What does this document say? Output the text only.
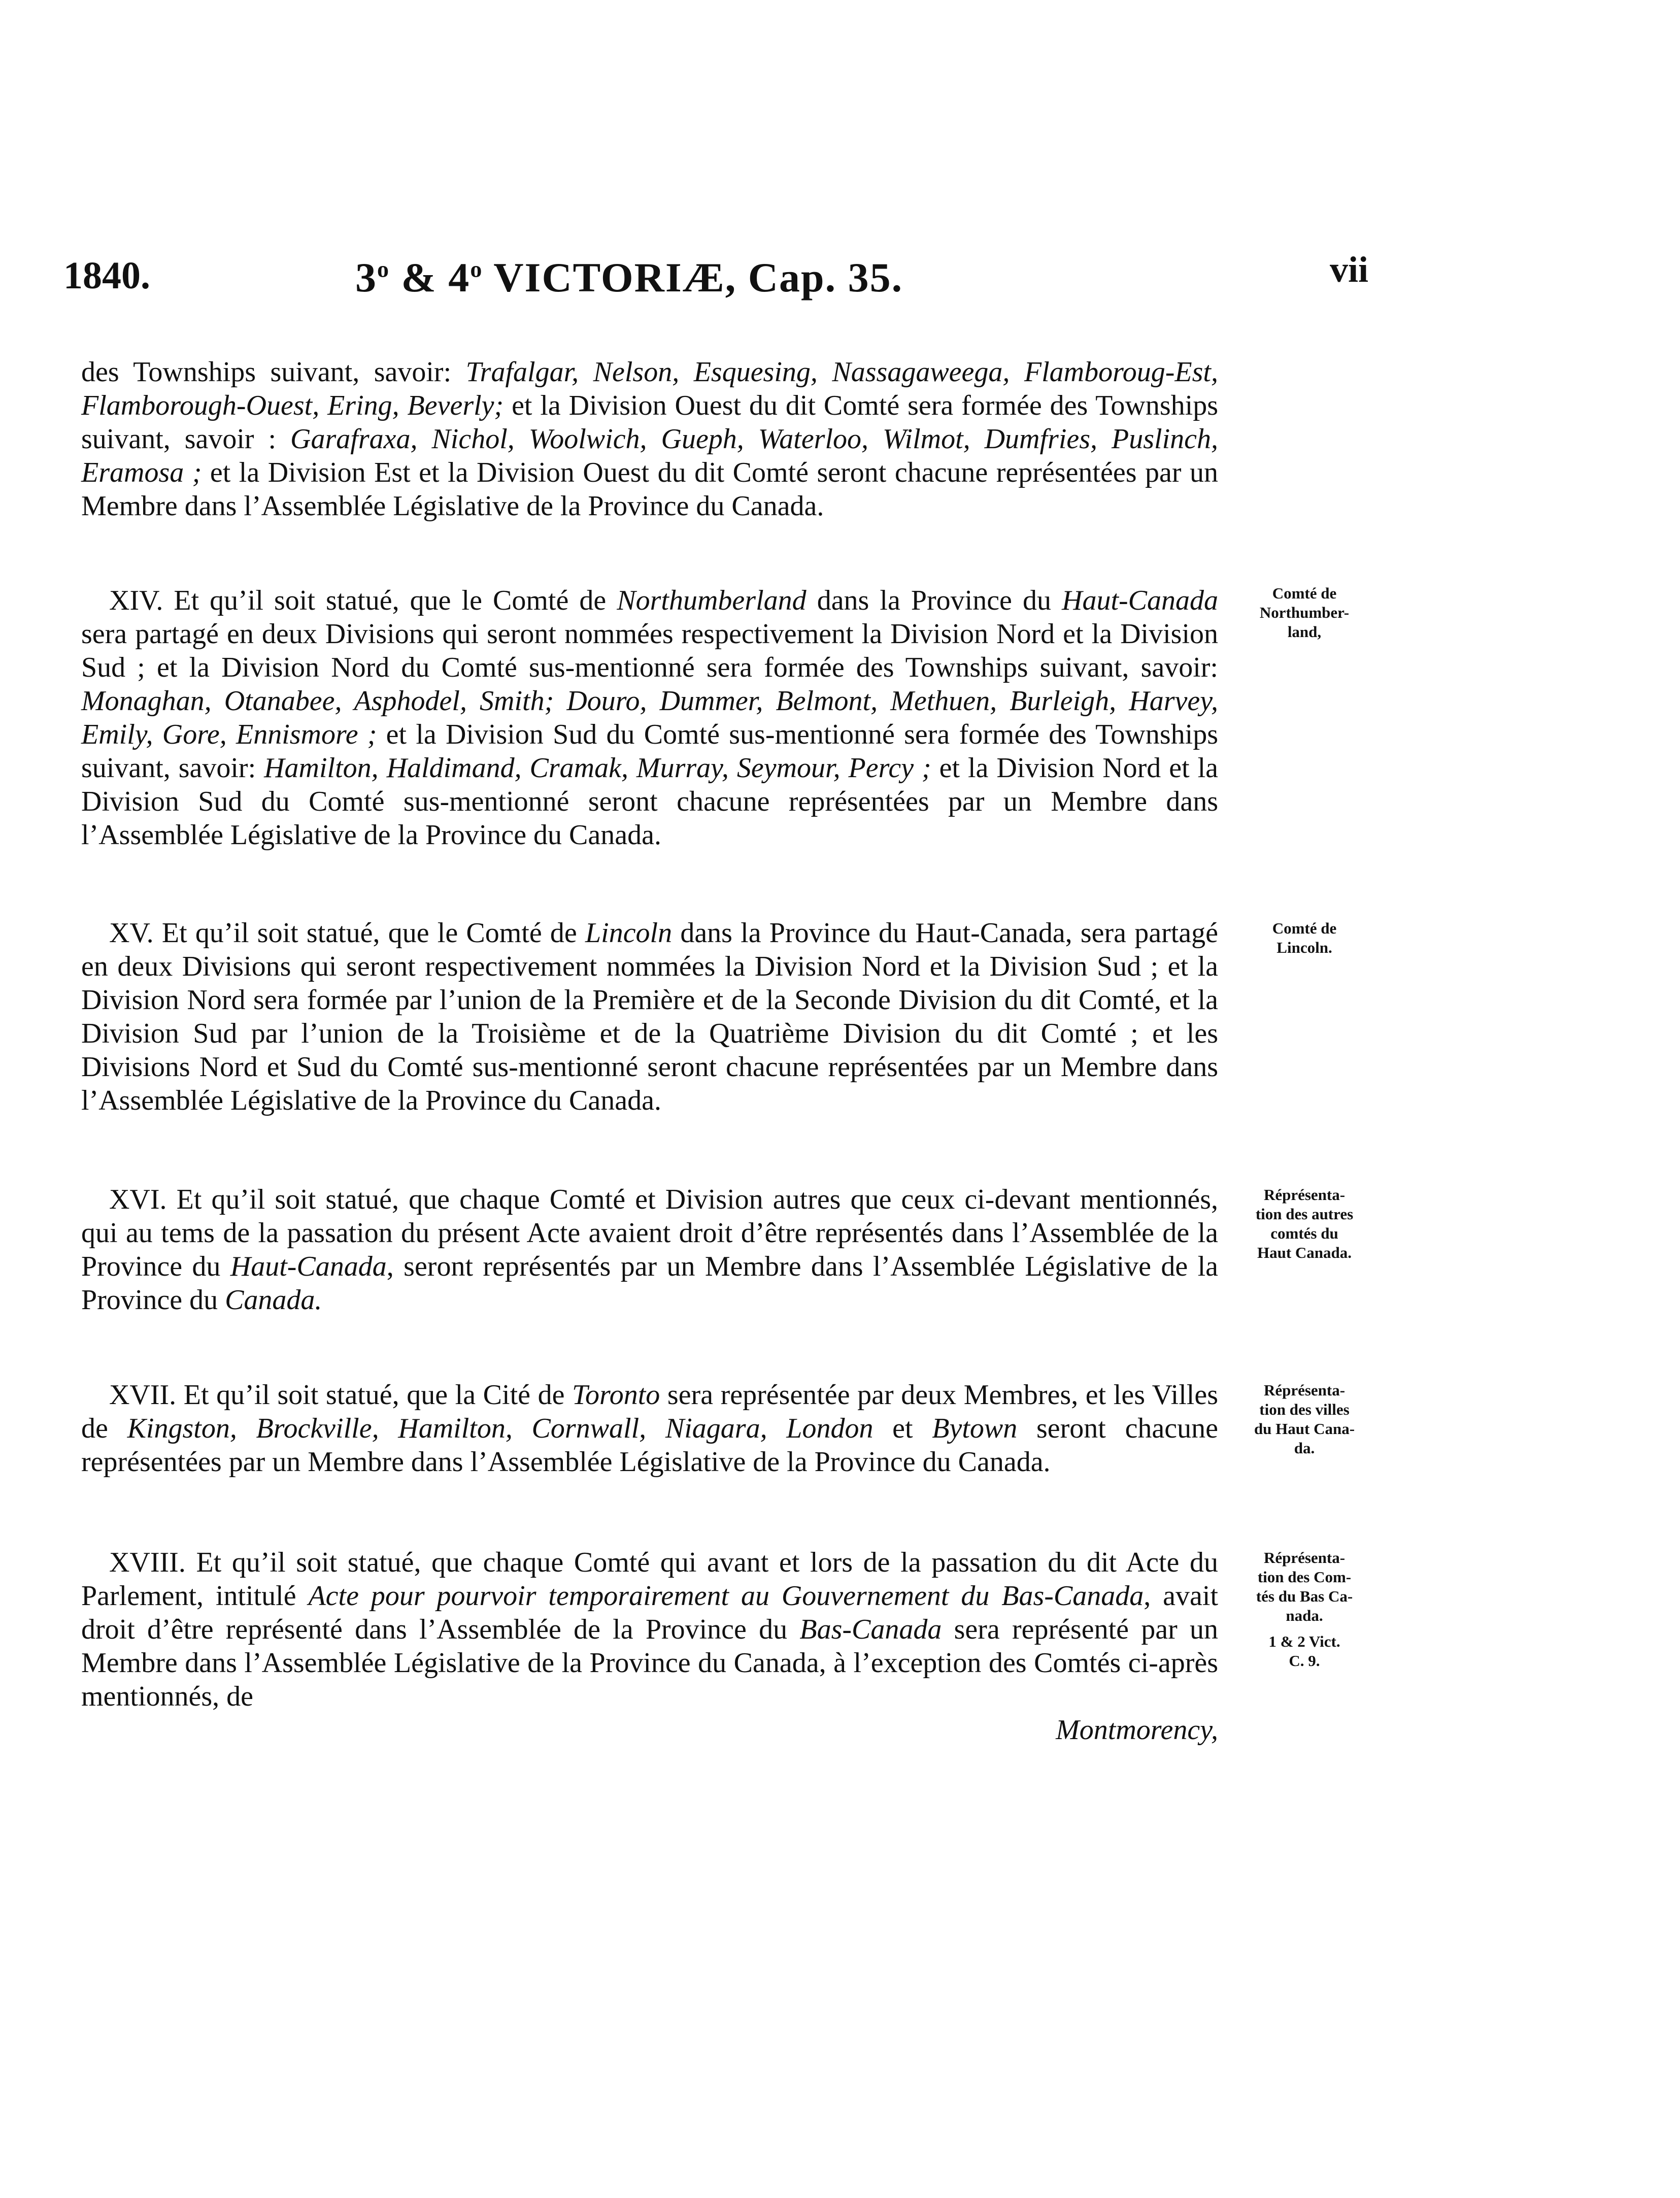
1840.	3$^o$ & 4$^o$ VICTORIÆ, Cap. 35.	vii

des Townships suivant, savoir: Trafalgar, Nelson, Esquesing, Nassagaweega, Flamboroug-Est, Flamborough-Ouest, Ering, Beverly; et la Division Ouest du dit Comté sera formée des Townships suivant, savoir : Garafraxa, Nichol, Woolwich, Gueph, Waterloo, Wilmot, Dumfries, Puslinch, Eramosa ; et la Division Est et la Division Ouest du dit Comté seront chacune représentées par un Membre dans l’Assemblée Législative de la Province du Canada.

XIV. Et qu’il soit statué, que le Comté de Northumberland dans la Province du Haut-Canada sera partagé en deux Divisions qui seront nommées respectivement la Division Nord et la Division Sud ; et la Division Nord du Comté sus-mentionné sera formée des Townships suivant, savoir: Monaghan, Otanabee, Asphodel, Smith; Douro, Dummer, Belmont, Methuen, Burleigh, Harvey, Emily, Gore, Ennismore ; et la Division Sud du Comté sus-mentionné sera formée des Townships suivant, savoir: Hamilton, Haldimand, Cramak, Murray, Seymour, Percy ; et la Division Nord et la Division Sud du Comté sus-mentionné seront chacune représentées par un Membre dans l’Assemblée Législative de la Province du Canada.

XV. Et qu’il soit statué, que le Comté de Lincoln dans la Province du Haut-Canada, sera partagé en deux Divisions qui seront respectivement nommées la Division Nord et la Division Sud ; et la Division Nord sera formée par l’union de la Première et de la Seconde Division du dit Comté, et la Division Sud par l’union de la Troisième et de la Quatrième Division du dit Comté ; et les Divisions Nord et Sud du Comté sus-mentionné seront chacune représentées par un Membre dans l’Assemblée Législative de la Province du Canada.

XVI. Et qu’il soit statué, que chaque Comté et Division autres que ceux ci-devant mentionnés, qui au tems de la passation du présent Acte avaient droit d’être représentés dans l’Assemblée de la Province du Haut-Canada, seront représentés par un Membre dans l’Assemblée Législative de la Province du Canada.

XVII. Et qu’il soit statué, que la Cité de Toronto sera représentée par deux Membres, et les Villes de Kingston, Brockville, Hamilton, Cornwall, Niagara, London et Bytown seront chacune représentées par un Membre dans l’Assemblée Législative de la Province du Canada.

XVIII. Et qu’il soit statué, que chaque Comté qui avant et lors de la passation du dit Acte du Parlement, intitulé Acte pour pourvoir temporairement au Gouvernement du Bas-Canada, avait droit d’être représenté dans l’Assemblée de la Province du Bas-Canada sera représenté par un Membre dans l’Assemblée Législative de la Province du Canada, à l’exception des Comtés ci-après mentionnés, de

Montmorency,

Comté de
Northumber-
land,
Comté de
Lincoln.
Réprésenta-
tion des autres
comtés du
Haut Canada.
Réprésenta-
tion des villes
du Haut Cana-
da.
Réprésenta-
tion des Com-
tés du Bas Ca-
nada.
1 & 2 Vict.
C. 9.
